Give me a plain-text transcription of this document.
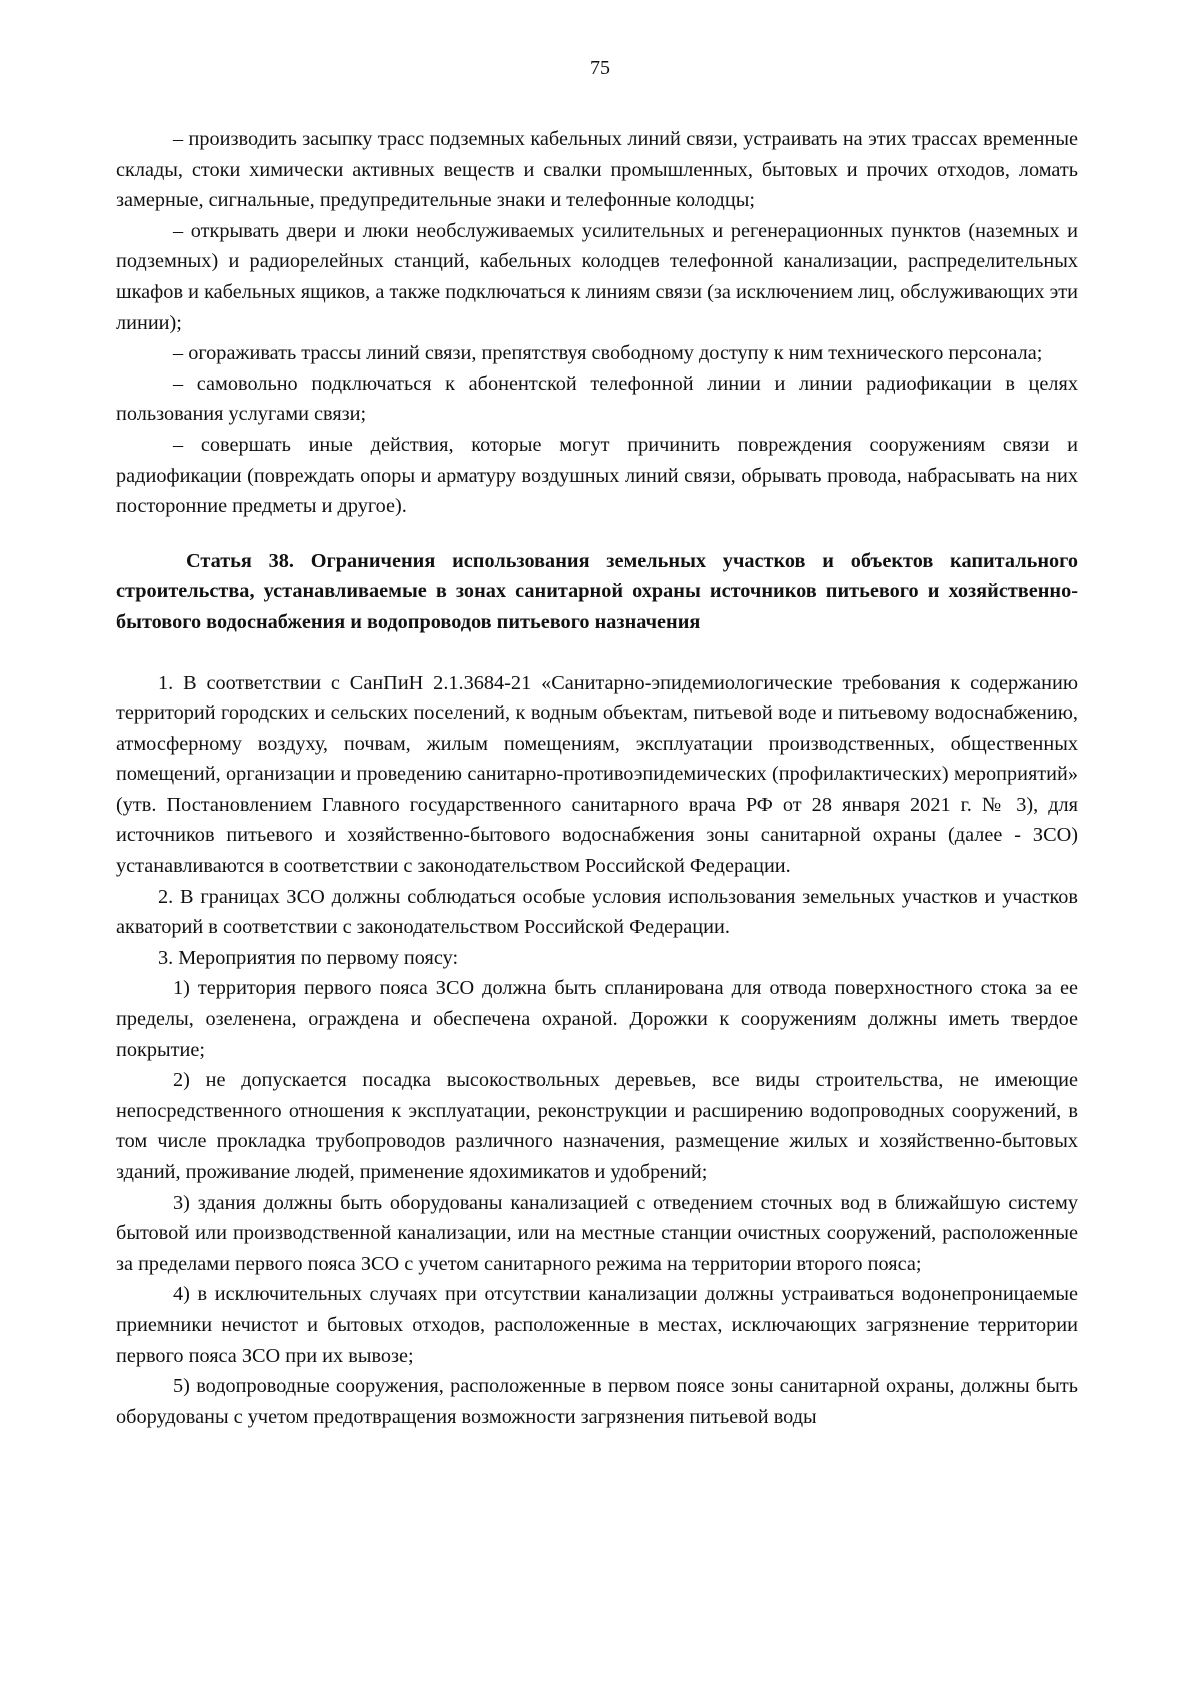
75

– производить засыпку трасс подземных кабельных линий связи, устраивать на этих трассах временные склады, стоки химически активных веществ и свалки промышленных, бытовых и прочих отходов, ломать замерные, сигнальные, предупредительные знаки и телефонные колодцы;

– открывать двери и люки необслуживаемых усилительных и регенерационных пунктов (наземных и подземных) и радиорелейных станций, кабельных колодцев телефонной канализации, распределительных шкафов и кабельных ящиков, а также подключаться к линиям связи (за исключением лиц, обслуживающих эти линии);

– огораживать трассы линий связи, препятствуя свободному доступу к ним технического персонала;

– самовольно подключаться к абонентской телефонной линии и линии радиофикации в целях пользования услугами связи;

– совершать иные действия, которые могут причинить повреждения сооружениям связи и радиофикации (повреждать опоры и арматуру воздушных линий связи, обрывать провода, набрасывать на них посторонние предметы и другое).

Статья 38. Ограничения использования земельных участков и объектов капитального строительства, устанавливаемые в зонах санитарной охраны источников питьевого и хозяйственно-бытового водоснабжения и водопроводов питьевого назначения

1. В соответствии с СанПиН 2.1.3684-21 «Санитарно-эпидемиологические требования к содержанию территорий городских и сельских поселений, к водным объектам, питьевой воде и питьевому водоснабжению, атмосферному воздуху, почвам, жилым помещениям, эксплуатации производственных, общественных помещений, организации и проведению санитарно-противоэпидемических (профилактических) мероприятий» (утв. Постановлением Главного государственного санитарного врача РФ от 28 января 2021 г. № 3), для источников питьевого и хозяйственно-бытового водоснабжения зоны санитарной охраны (далее - ЗСО) устанавливаются в соответствии с законодательством Российской Федерации.

2. В границах ЗСО должны соблюдаться особые условия использования земельных участков и участков акваторий в соответствии с законодательством Российской Федерации.

3. Мероприятия по первому поясу:

1) территория первого пояса ЗСО должна быть спланирована для отвода поверхностного стока за ее пределы, озеленена, ограждена и обеспечена охраной. Дорожки к сооружениям должны иметь твердое покрытие;

2) не допускается посадка высокоствольных деревьев, все виды строительства, не имеющие непосредственного отношения к эксплуатации, реконструкции и расширению водопроводных сооружений, в том числе прокладка трубопроводов различного назначения, размещение жилых и хозяйственно-бытовых зданий, проживание людей, применение ядохимикатов и удобрений;

3) здания должны быть оборудованы канализацией с отведением сточных вод в ближайшую систему бытовой или производственной канализации, или на местные станции очистных сооружений, расположенные за пределами первого пояса ЗСО с учетом санитарного режима на территории второго пояса;

4) в исключительных случаях при отсутствии канализации должны устраиваться водонепроницаемые приемники нечистот и бытовых отходов, расположенные в местах, исключающих загрязнение территории первого пояса ЗСО при их вывозе;

5) водопроводные сооружения, расположенные в первом поясе зоны санитарной охраны, должны быть оборудованы с учетом предотвращения возможности загрязнения питьевой воды
